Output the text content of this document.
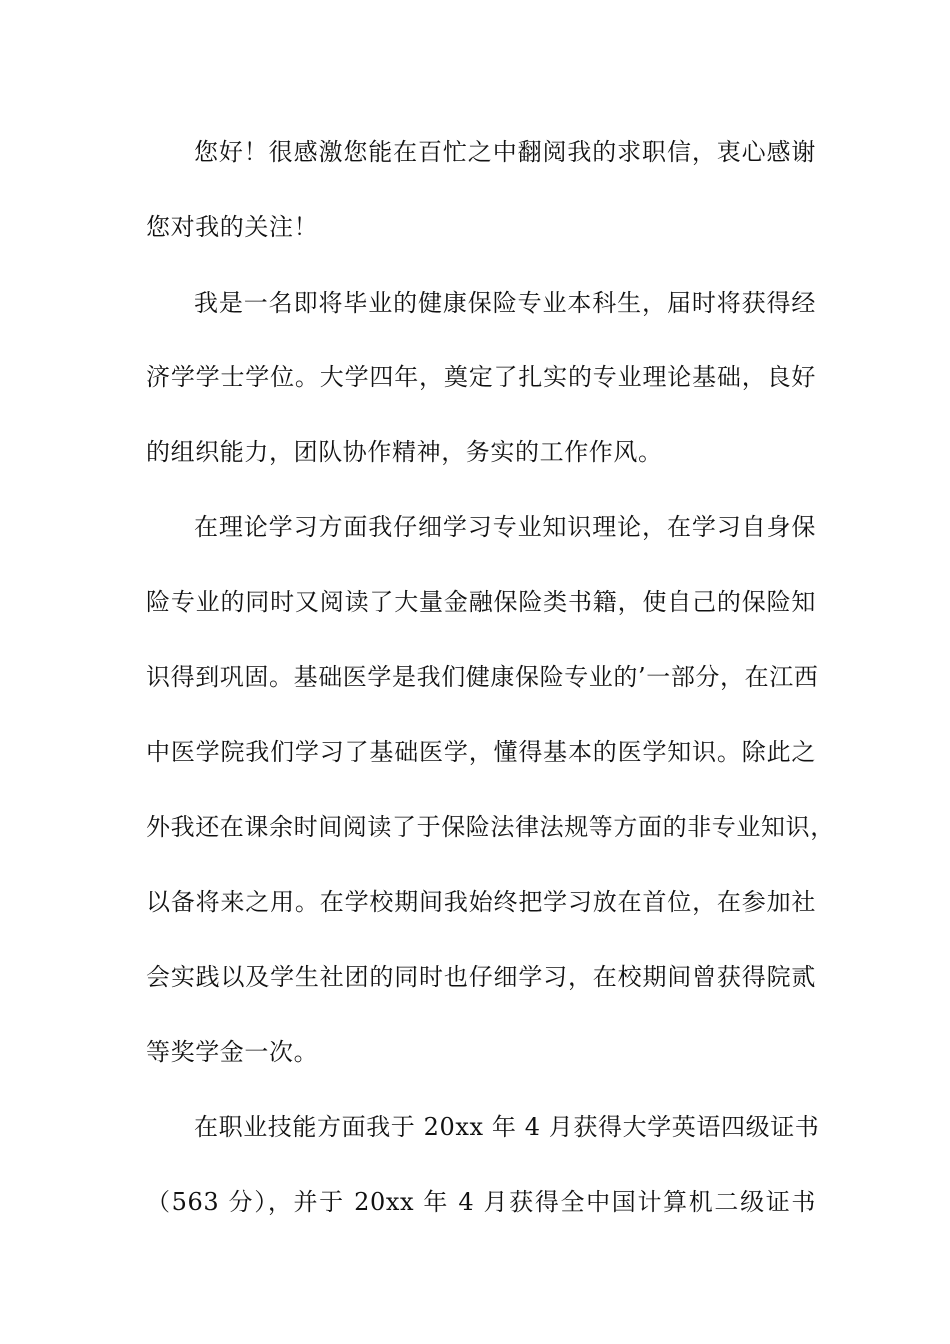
您好！很感激您能在百忙之中翻阅我的求职信，衷心感谢
您对我的关注！
我是一名即将毕业的健康保险专业本科生，届时将获得经
济学学士学位。大学四年，奠定了扎实的专业理论基础，良好
的组织能力，团队协作精神，务实的工作作风。
在理论学习方面我仔细学习专业知识理论，在学习自身保
险专业的同时又阅读了大量金融保险类书籍，使自己的保险知
识得到巩固。基础医学是我们健康保险专业的’一部分，在江西
中医学院我们学习了基础医学，懂得基本的医学知识。除此之
外我还在课余时间阅读了于保险法律法规等方面的非专业知识，
以备将来之用。在学校期间我始终把学习放在首位，在参加社
会实践以及学生社团的同时也仔细学习，在校期间曾获得院贰
等奖学金一次。
在职业技能方面我于 20xx 年 4 月获得大学英语四级证书
（563 分），并于 20xx 年 4 月获得全中国计算机二级证书
